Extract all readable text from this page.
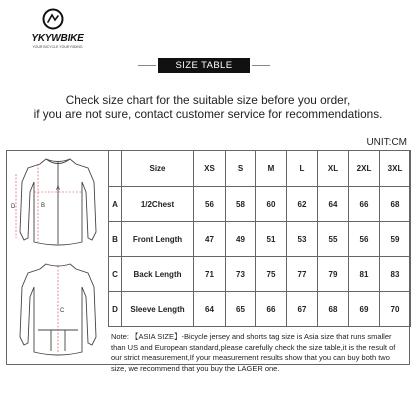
YKYWBIKE
YOUR BICYCLE YOUR RIDING
SIZE TABLE
Check size chart for the suitable size before you order,
if you are not sure, contact customer service for recommendations.
UNIT:CM
A
B
D
C
	Size	XS	S	M	L	XL	2XL	3XL
A	1/2Chest	56	58	60	62	64	66	68
B	Front Length	47	49	51	53	55	56	59
C	Back Length	71	73	75	77	79	81	83
D	Sleeve Length	64	65	66	67	68	69	70
Note: 【ASIA SIZE】-Bicycle jersey and shorts tag size is Asia size that runs smaller than US and European standard,please carefully check the size table,it is the result of our strict measurement,If your measurement results show that you can buy both two size, we recommend that you buy the LAGER one.
